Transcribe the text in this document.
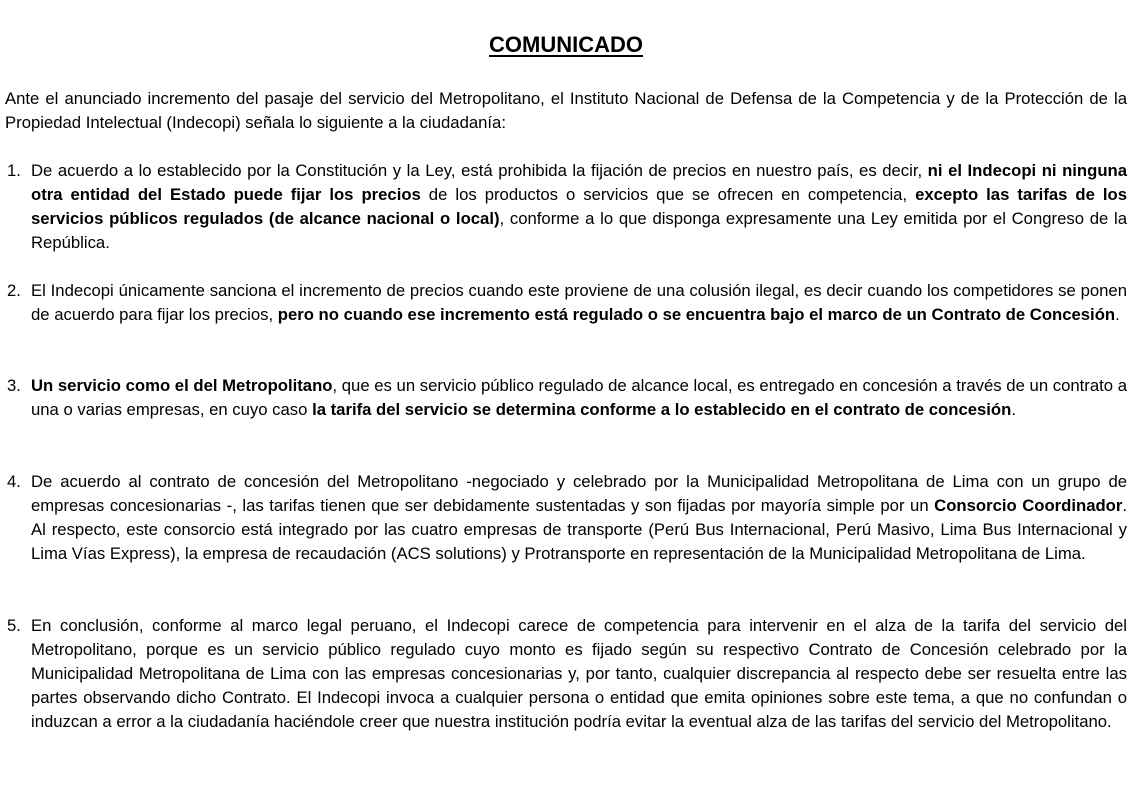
COMUNICADO

Ante el anunciado incremento del pasaje del servicio del Metropolitano, el Instituto Nacional de Defensa de la Competencia y de la Protección de la Propiedad Intelectual (Indecopi) señala lo siguiente a la ciudadanía:

1. De acuerdo a lo establecido por la Constitución y la Ley, está prohibida la fijación de precios en nuestro país, es decir, ni el Indecopi ni ninguna otra entidad del Estado puede fijar los precios de los productos o servicios que se ofrecen en competencia, excepto las tarifas de los servicios públicos regulados (de alcance nacional o local), conforme a lo que disponga expresamente una Ley emitida por el Congreso de la República.

2. El Indecopi únicamente sanciona el incremento de precios cuando este proviene de una colusión ilegal, es decir cuando los competidores se ponen de acuerdo para fijar los precios, pero no cuando ese incremento está regulado o se encuentra bajo el marco de un Contrato de Concesión.

3. Un servicio como el del Metropolitano, que es un servicio público regulado de alcance local, es entregado en concesión a través de un contrato a una o varias empresas, en cuyo caso la tarifa del servicio se determina conforme a lo establecido en el contrato de concesión.

4. De acuerdo al contrato de concesión del Metropolitano -negociado y celebrado por la Municipalidad Metropolitana de Lima con un grupo de empresas concesionarias -, las tarifas tienen que ser debidamente sustentadas y son fijadas por mayoría simple por un Consorcio Coordinador. Al respecto, este consorcio está integrado por las cuatro empresas de transporte (Perú Bus Internacional, Perú Masivo, Lima Bus Internacional y Lima Vías Express), la empresa de recaudación (ACS solutions) y Protransporte en representación de la Municipalidad Metropolitana de Lima.

5. En conclusión, conforme al marco legal peruano, el Indecopi carece de competencia para intervenir en el alza de la tarifa del servicio del Metropolitano, porque es un servicio público regulado cuyo monto es fijado según su respectivo Contrato de Concesión celebrado por la Municipalidad Metropolitana de Lima con las empresas concesionarias y, por tanto, cualquier discrepancia al respecto debe ser resuelta entre las partes observando dicho Contrato. El Indecopi invoca a cualquier persona o entidad que emita opiniones sobre este tema, a que no confundan o induzcan a error a la ciudadanía haciéndole creer que nuestra institución podría evitar la eventual alza de las tarifas del servicio del Metropolitano.
